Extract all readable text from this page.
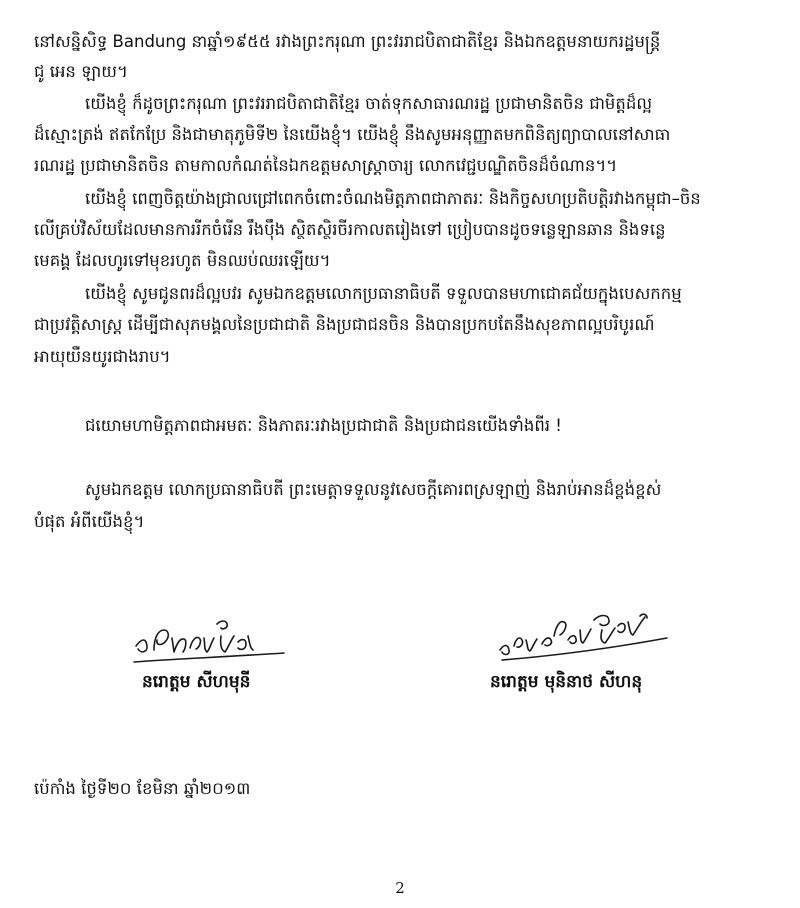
នៅសន្និសិទ្ធ Bandung នាឆ្នាំ១៩៥៥ រវាងព្រះករុណា ព្រះវររាជបិតាជាតិខ្មែរ និងឯកឧត្តមនាយករដ្ឋមន្ត្រី
ជូ អេន ឡាយ។
យើងខ្ញុំ ក៏ដូចព្រះករុណា ព្រះវររាជបិតាជាតិខ្មែរ ចាត់ទុកសាធារណរដ្ឋ ប្រជាមានិតចិន ជាមិត្តដ៏ល្អ
ដ៏ស្មោះត្រង់ ឥតកែប្រែ និងជាមាតុភូមិទី២ នៃយើងខ្ញុំ។ យើងខ្ញុំ នឹងសូមអនុញ្ញាតមកពិនិត្យព្យាបាលនៅសាធា
រណរដ្ឋ ប្រជាមានិតចិន តាមកាលកំណត់នៃឯកឧត្តមសាស្ត្រាចារ្យ លោកវេជ្ជបណ្ឌិតចិនដ៏ចំណាន។។
យើងខ្ញុំ ពេញចិត្តយ៉ាងជ្រាលជ្រៅពេកចំពោះចំណងមិត្តភាពជាភាតរៈ និងកិច្ចសហប្រតិបត្តិរវាងកម្ពុជា–ចិន
លើគ្រប់វិស័យដែលមានការរីកចំរើន រឹងប៉ឹង ស្ថិតស្ថិរចីរកាលតរៀងទៅ ប្រៀបបានដូចទន្លេឡានឆាន និងទន្លេ
មេគង្គ ដែលហូរទៅមុខរហូត មិនឈប់ឈរឡើយ។
យើងខ្ញុំ សូមជូនពរដ៏ល្អបវរ សូមឯកឧត្តមលោកប្រធានាធិបតី ទទួលបានមហាជោគជ័យក្នុងបេសកកម្ម
ជាប្រវត្តិសាស្ត្រ ដើម្បីជាសុភមង្គលនៃប្រជាជាតិ និងប្រជាជនចិន និងបានប្រកបតែនឹងសុខភាពល្អបរិបូរណ៍
អាយុយឺនយូរជាងរាប។
ជយោមហាមិត្តភាពជាអមតៈ និងភាតរៈរវាងប្រជាជាតិ និងប្រជាជនយើងទាំងពីរ !
សូមឯកឧត្តម លោកប្រធានាធិបតី ព្រះមេត្តាទទួលនូវសេចក្តីគោរពស្រឡាញ់ និងរាប់អានដ៏ខ្ពង់ខ្ពស់
បំផុត អំពីយើងខ្ញុំ។
នរោត្តម សីហមុនី	នរោត្តម មុនិនាថ សីហនុ
ប៉េកាំង ថ្ងៃទី២០ ខែមិនា ឆ្នាំ២០១៣
2
